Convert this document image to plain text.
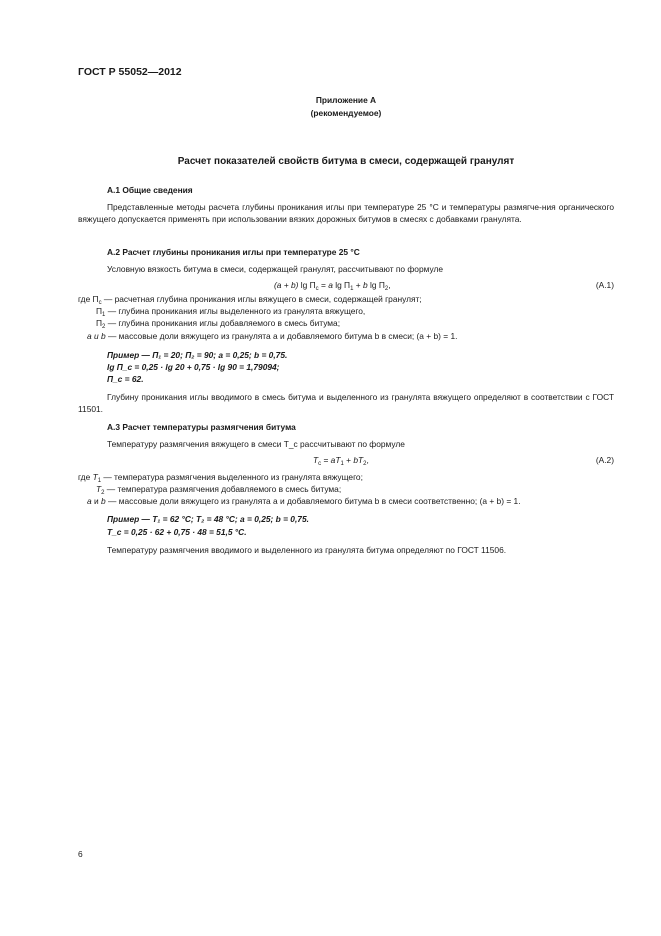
ГОСТ Р 55052—2012
Приложение А
(рекомендуемое)
Расчет показателей свойств битума в смеси, содержащей гранулят
А.1 Общие сведения
Представленные методы расчета глубины проникания иглы при температуре 25 °С и температуры размягче-ния органического вяжущего допускается применять при использовании вязких дорожных битумов в смесях с добавками гранулята.
А.2 Расчет глубины проникания иглы при температуре 25 °С
Условную вязкость битума в смеси, содержащей гранулят, рассчитывают по формуле
(a + b) $\lg П_с = a$ $\lg П_1 + b$ $\lg П_2$,	(А.1)
где $П_с$ — расчетная глубина проникания иглы вяжущего в смеси, содержащей гранулят;
$П_1$ — глубина проникания иглы выделенного из гранулята вяжущего,
$П_2$ — глубина проникания иглы добавляемого в смесь битума;
a и b — массовые доли вяжущего из гранулята a и добавляемого битума b в смеси; (a + b) = 1.
Пример — П₁ = 20; П₂ = 90; a = 0,25; b = 0,75.
lg П_c = 0,25 · lg 20 + 0,75 · lg 90 = 1,79094;
П_c = 62.
Глубину проникания иглы вводимого в смесь битума и выделенного из гранулята вяжущего определяют в соответствии с ГОСТ 11501.
А.3 Расчет температуры размягчения битума
Температуру размягчения вяжущего в смеси T_c рассчитывают по формуле
$T_с = aT_1 + bT_2$,	(А.2)
где $T_1$ — температура размягчения выделенного из гранулята вяжущего;
$T_2$ — температура размягчения добавляемого в смесь битума;
a и b — массовые доли вяжущего из гранулята a и добавляемого битума b в смеси соответственно; (a + b) = 1.
Пример — T₁ = 62 °C; T₂ = 48 °C; a = 0,25; b = 0,75.
T_c = 0,25 · 62 + 0,75 · 48 = 51,5 °C.
Температуру размягчения вводимого и выделенного из гранулята битума определяют по ГОСТ 11506.
6
